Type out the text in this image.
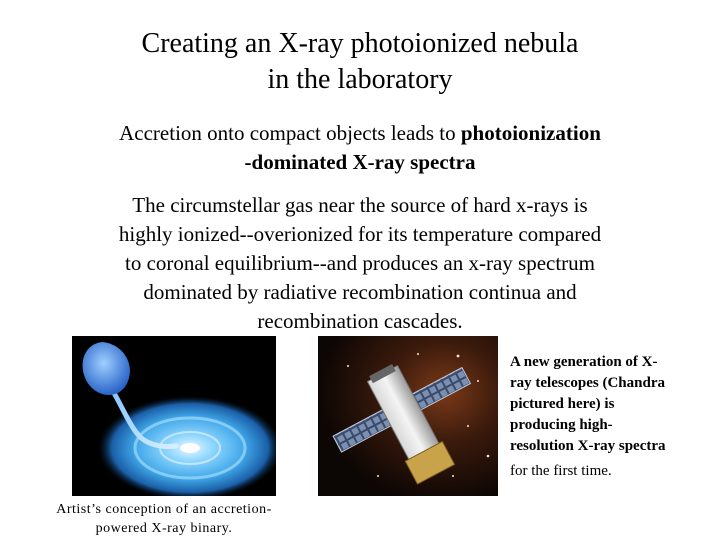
Creating an X-ray photoionized nebula
in the laboratory
Accretion onto compact objects leads to photoionization
-dominated X-ray spectra
The circumstellar gas near the source of hard x-rays is
highly ionized--overionized for its temperature compared
to coronal equilibrium--and produces an x-ray spectrum
dominated by radiative recombination continua and
recombination cascades.
Artist’s conception of an accretion-
powered X-ray binary.
A new generation of X-
ray telescopes (Chandra
pictured here) is
producing high-
resolution X-ray spectra
for the first time.
